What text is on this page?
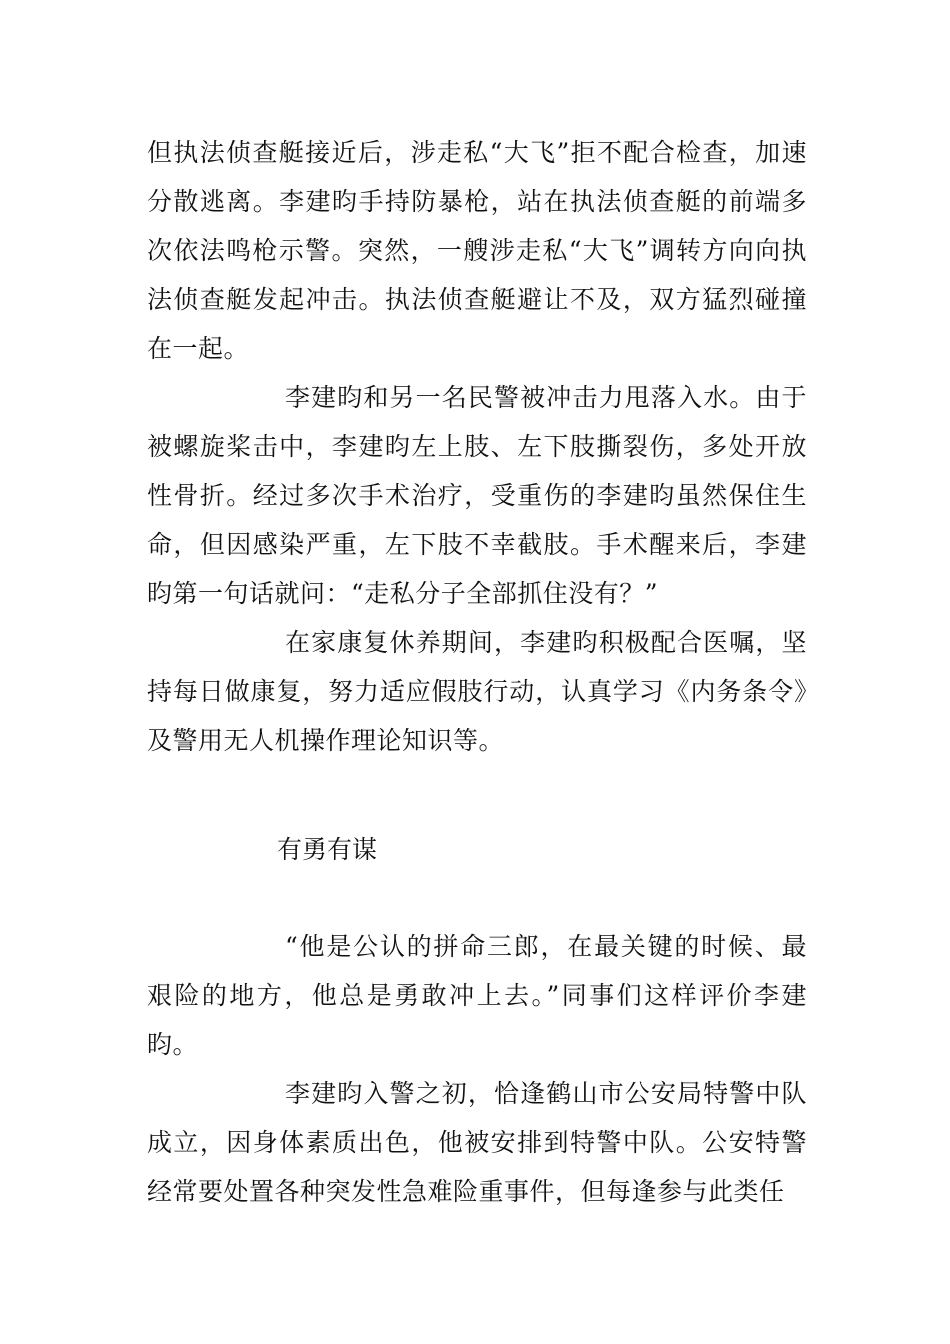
但执法侦查艇接近后，涉走私“大飞”拒不配合检查，加速分散逃离。李建昀手持防暴枪，站在执法侦查艇的前端多次依法鸣枪示警。突然，一艘涉走私“大飞”调转方向向执法侦查艇发起冲击。执法侦查艇避让不及，双方猛烈碰撞在一起。

李建昀和另一名民警被冲击力甩落入水。由于被螺旋桨击中，李建昀左上肢、左下肢撕裂伤，多处开放性骨折。经过多次手术治疗，受重伤的李建昀虽然保住生命，但因感染严重，左下肢不幸截肢。手术醒来后，李建昀第一句话就问：“走私分子全部抓住没有？”

在家康复休养期间，李建昀积极配合医嘱，坚持每日做康复，努力适应假肢行动，认真学习《内务条令》及警用无人机操作理论知识等。

有勇有谋

“他是公认的拼命三郎，在最关键的时候、最艰险的地方，他总是勇敢冲上去。”同事们这样评价李建昀。

李建昀入警之初，恰逢鹤山市公安局特警中队成立，因身体素质出色，他被安排到特警中队。公安特警经常要处置各种突发性急难险重事件，但每逢参与此类任
